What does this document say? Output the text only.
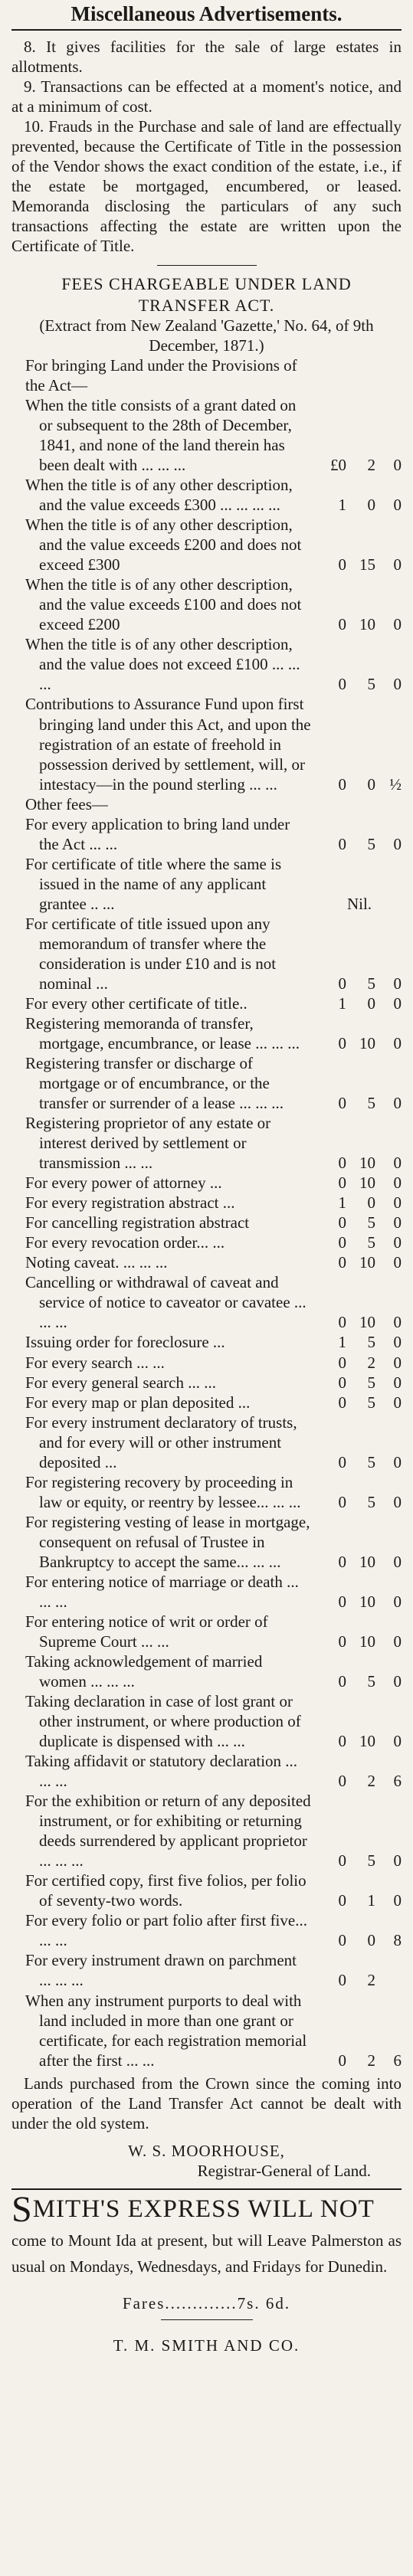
Miscellaneous Advertisements.
8. It gives facilities for the sale of large estates in allotments.
9. Transactions can be effected at a moment's notice, and at a minimum of cost.
10. Frauds in the Purchase and sale of land are effectually prevented, because the Certificate of Title in the possession of the Vendor shows the exact condition of the estate, i.e., if the estate be mortgaged, encumbered, or leased. Memoranda disclosing the particulars of any such transactions affecting the estate are written upon the Certificate of Title.
FEES CHARGEABLE UNDER LAND
TRANSFER ACT.
(Extract from New Zealand 'Gazette,' No. 64, of 9th December, 1871.)
For bringing Land under the Provisions of the Act—
When the title consists of a grant dated on or subsequent to the 28th of December, 1841, and none of the land therein has been dealt with ... ... ...	£0	2	0
When the title is of any other description, and the value exceeds £300 ... ... ... ...	1	0	0
When the title is of any other description, and the value exceeds £200 and does not exceed £300	0 15	0
When the title is of any other description, and the value exceeds £100 and does not exceed £200	0 10	0
When the title is of any other description, and the value does not exceed £100 ... ... ...	0	5	0
Contributions to Assurance Fund upon first bringing land under this Act, and upon the registration of an estate of freehold in possession derived by settlement, will, or intestacy—in the pound sterling ... ...	0	0 ½
Other fees—
For every application to bring land under the Act ... ...	0	5	0
For certificate of title where the same is issued in the name of any applicant grantee .. ...	Nil.
For certificate of title issued upon any memorandum of transfer where the consideration is under £10 and is not nominal ...	0	5	0
For every other certificate of title..	1	0	0
Registering memoranda of transfer, mortgage, encumbrance, or lease ... ... ...	0 10	0
Registering transfer or discharge of mortgage or of encumbrance, or the transfer or surrender of a lease ... ... ...	0	5	0
Registering proprietor of any estate or interest derived by settlement or transmission ... ...	0 10	0
For every power of attorney ...	0 10	0
For every registration abstract ...	1	0	0
For cancelling registration abstract	0	5	0
For every revocation order... ...	0	5	0
Noting caveat. ... ... ...	0 10	0
Cancelling or withdrawal of caveat and service of notice to caveator or cavatee ... ... ...	0 10	0
Issuing order for foreclosure ...	1	5	0
For every search ... ...	0	2	0
For every general search ... ...	0	5	0
For every map or plan deposited ...	0	5	0
For every instrument declaratory of trusts, and for every will or other instrument deposited ...	0	5	0
For registering recovery by proceeding in law or equity, or reentry by lessee... ... ...	0	5	0
For registering vesting of lease in mortgage, consequent on refusal of Trustee in Bankruptcy to accept the same... ... ...	0 10	0
For entering notice of marriage or death ... ... ...	0 10	0
For entering notice of writ or order of Supreme Court ... ...	0 10	0
Taking acknowledgement of married women ... ... ...	0	5	0
Taking declaration in case of lost grant or other instrument, or where production of duplicate is dispensed with ... ...	0 10	0
Taking affidavit or statutory declaration ... ... ...	0	2	6
For the exhibition or return of any deposited instrument, or for exhibiting or returning deeds surrendered by applicant proprietor ... ... ...	0	5	0
For certified copy, first five folios, per folio of seventy-two words.	0	1	0
For every folio or part folio after first five... ... ...	0	0	8
For every instrument drawn on parchment ... ... ...	0	2
When any instrument purports to deal with land included in more than one grant or certificate, for each registration memorial after the first ... ...	0	2	6
Lands purchased from the Crown since the coming into operation of the Land Transfer Act cannot be dealt with under the old system.
W. S. MOORHOUSE,
Registrar-General of Land.
SMITH'S EXPRESS WILL NOT
come to Mount Ida at present, but will Leave Palmerston as usual on Mondays, Wednesdays, and Fridays for Dunedin.
Fares.............7s. 6d.
T. M. SMITH AND CO.
